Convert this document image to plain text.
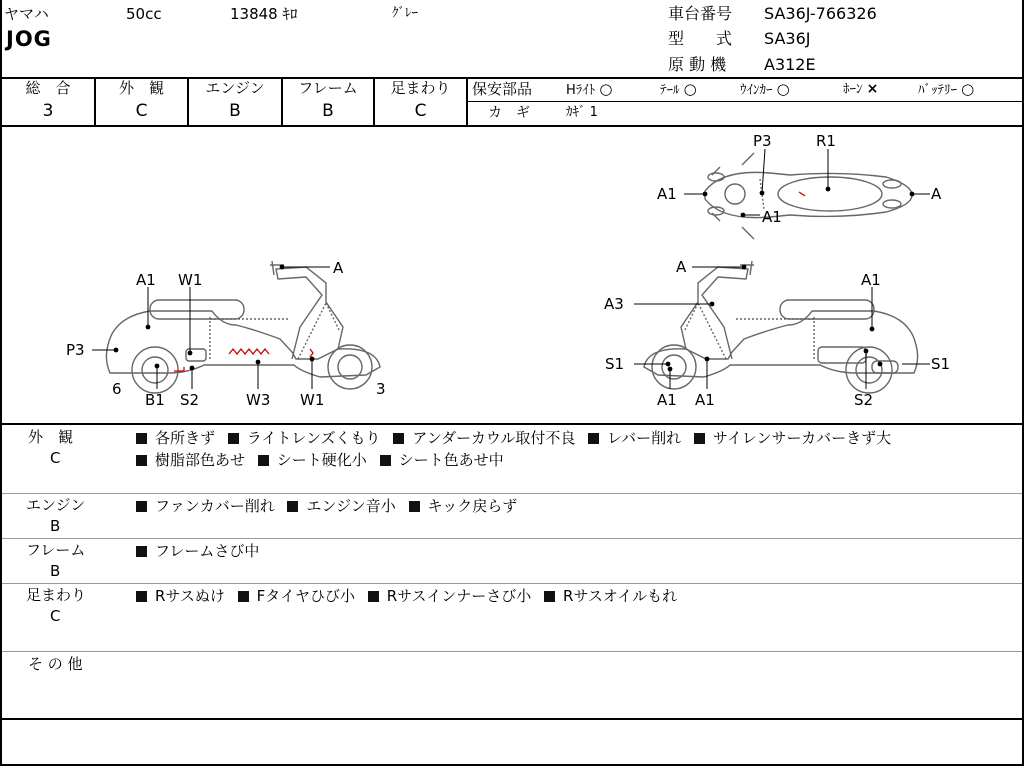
ヤマハ	50cc	13848 ｷﾛ	ｸﾞﾚｰ
JOG
車台番号 SA36J-766326
型　　式 SA36J
原 動 機 A312E
総　合
3
外　観
C
エンジン
B
フレーム
B
足まわり
C
保安部品	Hﾗｲﾄ ○	ﾃｰﾙ ○	ｳｲﾝｶｰ ○	ﾎｰﾝ ×	ﾊﾞｯﾃﾘｰ ○
カ　ギ	ｶｷﾞ 1
A1 W1
A
P3
6
B1 S2	W3 W1
3
P3	R1
A1	A
A1
A
A1
A3
S1	S1
A1 A1	S2
外　観
C
各所きず ライトレンズくもり アンダーカウル取付不良 レバー削れ サイレンサーカバーきず大
樹脂部色あせ シート硬化小 シート色あせ中
エンジン
B
ファンカバー削れ エンジン音小 キック戻らず
フレーム
B
フレームさび中
足まわり
C
Rサスぬけ Fタイヤひび小 Rサスインナーさび小 Rサスオイルもれ
そ の 他
